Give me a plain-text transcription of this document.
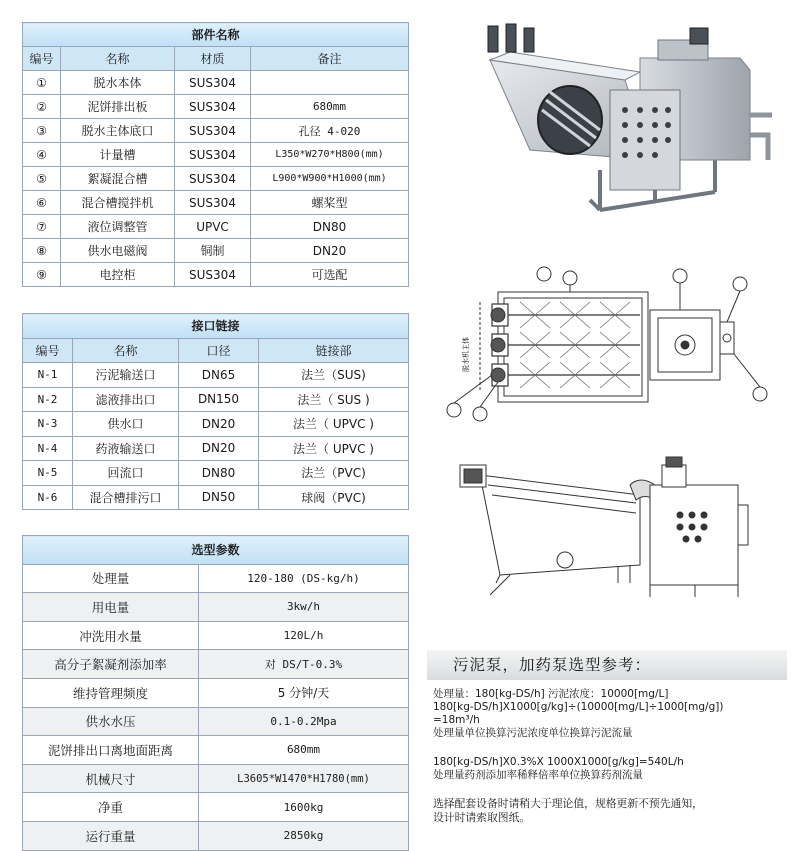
部件名称			
编号	名称	材质	备注
①	脱水本体	SUS304	
②	泥饼排出板	SUS304	680mm
③	脱水主体底口	SUS304	孔径 4-020
④	计量槽	SUS304	L350*W270*H800(mm)
⑤	絮凝混合槽	SUS304	L900*W900*H1000(mm)
⑥	混合槽搅拌机	SUS304	螺桨型
⑦	液位调整管	UPVC	DN80
⑧	供水电磁阀	铜制	DN20
⑨	电控柜	SUS304	可选配
接口链接			
编号	名称	口径	链接部
N-1	污泥输送口	DN65	法兰（SUS)
N-2	滤液排出口	DN150	法兰（ SUS )
N-3	供水口	DN20	法兰（ UPVC )
N-4	药液输送口	DN20	法兰（ UPVC )
N-5	回流口	DN80	法兰（PVC)
N-6	混合槽排污口	DN50	球阀（PVC)
选型参数	
处理量	120-180 (DS-kg/h)
用电量	3kw/h
冲洗用水量	120L/h
高分子絮凝剂添加率	对 DS/T-0.3%
维持管理频度	5 分钟/天
供水水压	0.1-0.2Mpa
泥饼排出口离地面距离	680mm
机械尺寸	L3605*W1470*H1780(mm)
净重	1600kg
运行重量	2850kg
脱水机主体
污泥泵，加药泵选型参考：
处理量：180[kg-DS/h] 污泥浓度：10000[mg/L]
180[kg-DS/h]X1000[g/kg]÷(10000[mg/L]÷1000[mg/g])
=18m³/h
处理量单位换算污泥浓度单位换算污泥流量
180[kg-DS/h]X0.3%X 1000X1000[g/kg]=540L/h
处理量药剂添加率稀释倍率单位换算药剂流量
选择配套设备时请稍大于理论值，规格更新不预先通知，
设计时请索取图纸。
